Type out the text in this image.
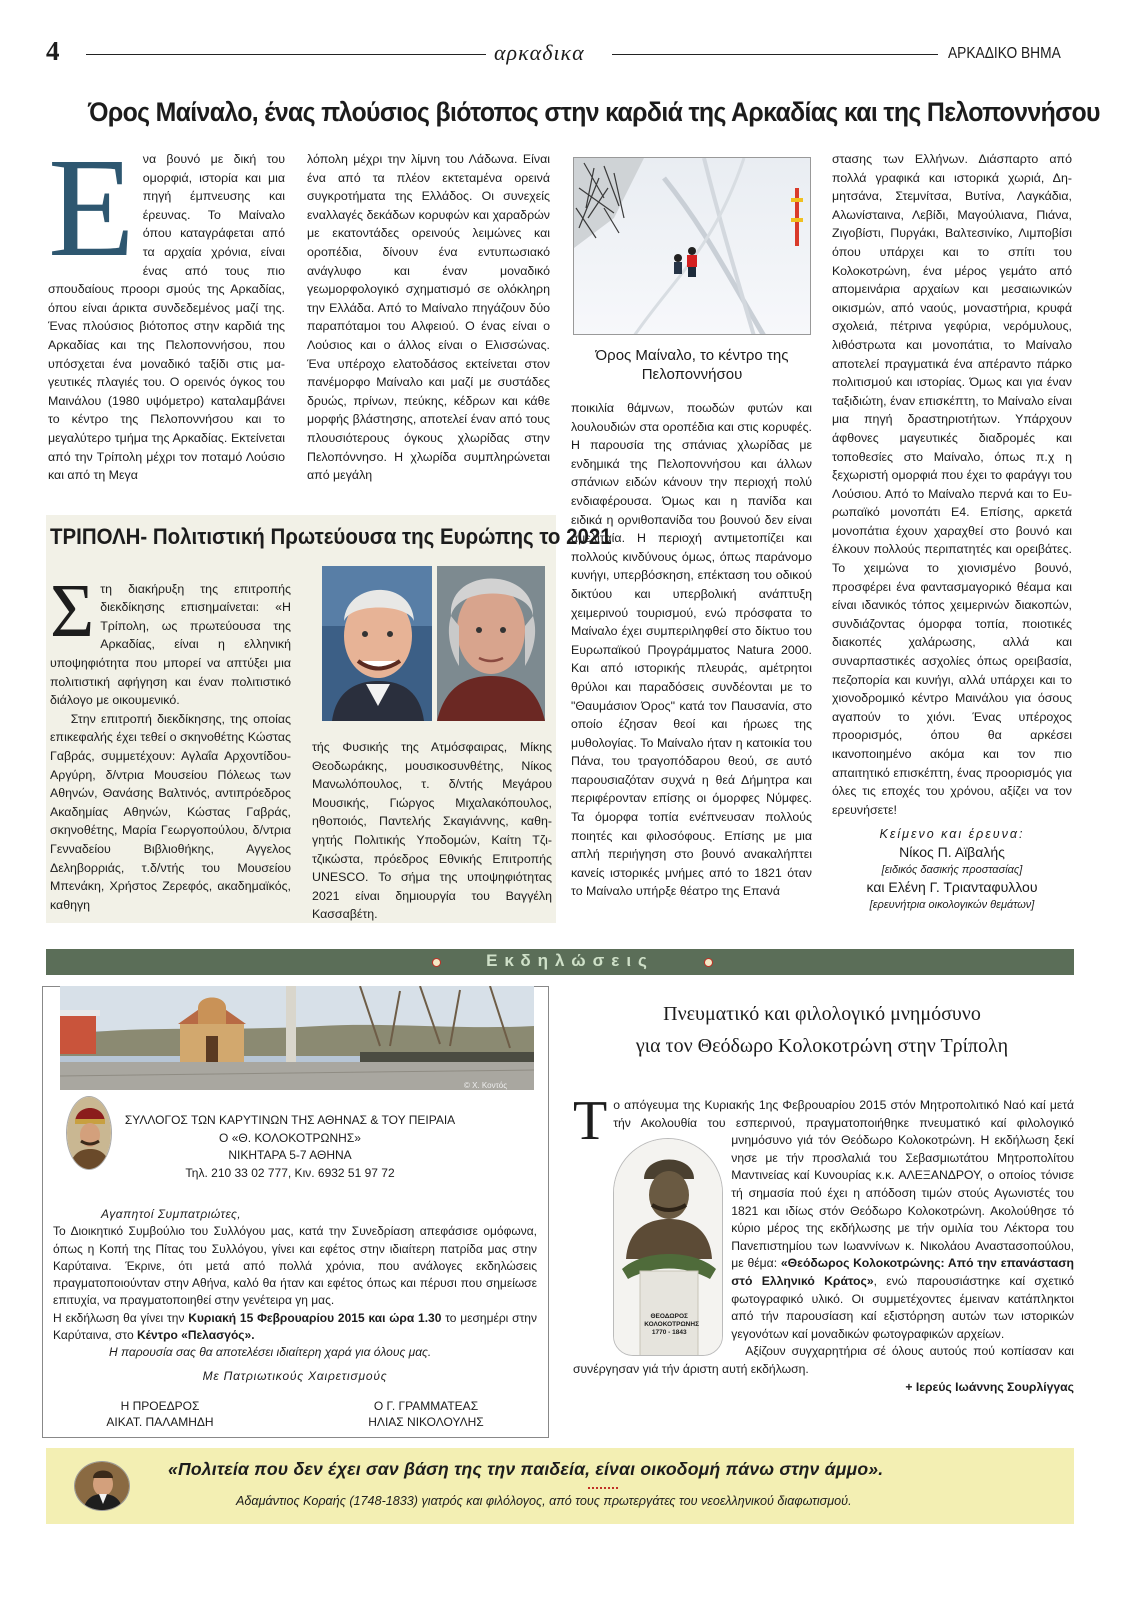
4	αρκαδικα	ΑΡΚΑΔΙΚΟ ΒΗΜΑ
Όρος Μαίναλο, ένας πλούσιος βιότοπος στην καρδιά της Αρκαδίας και της Πελοποννήσου
Ε να βουνό με δική του ομορφιά, ιστορία και μια πηγή έμπνευσης και έρευνας. Το Μαίναλο όπου καταγράφεται από τα αρχαία χρόνια, είναι ένας από τους πιο σπουδαίους προορι σμούς της Αρκαδίας, όπου είναι άρικτα συνδεδεμένος μαζί της. Ένας πλούσιος βιότοπος στην καρδιά της Αρκαδίας και της Πελοποννήσου, που υπόσχεται ένα μοναδικό ταξίδι στις μαγευτικές πλαγιές του. Ο ορεινός όγκος του Μαινάλου (1980 υψόμετρο) καταλαμβάνει το κέντρο της Πελοποννήσου και το μεγαλύτερο τμήμα της Αρκαδίας. Εκτείνεται από την Τρίπολη μέχρι τον ποταμό Λούσιο και από τη Μεγα
λόπολη μέχρι την λίμνη του Λάδωνα. Είναι ένα από τα πλέον εκτεταμένα ορεινά συγκροτήματα της Ελλάδος. Οι συνεχείς εναλλαγές δεκάδων κορυφών και χαραδρών με εκατοντάδες ορεινούς λειμώνες και οροπέδια, δίνουν ένα εντυπωσιακό ανάγλυφο και έναν μοναδικό γεωμορφολογικό σχηματισμό σε ολόκληρη την Ελλάδα. Από το Μαίναλο πηγάζουν δύο παραπόταμοι του Αλφειού. Ο ένας είναι ο Λούσιος και ο άλλος είναι ο Ελισσώνας. Ένα υπέροχο ελατοδάσος εκτείνεται στον πανέμορφο Μαίναλο και μαζί με συστάδες δρυώς, πρίνων, πεύκης, κέδρων και κάθε μορφής βλάστησης, αποτελεί έναν από τους πλουσιότερους όγκους χλωρίδας στην Πελοπόννησο. Η χλωρίδα συμπληρώνεται από μεγάλη
Όρος Μαίναλο, το κέντρο της Πελοποννήσου
ποικιλία θάμνων, ποωδών φυτών και λουλουδιών στα οροπέδια και στις κορυφές. Η παρουσία της σπάνιας χλωρίδας με ενδημικά της Πελοποννήσου και άλλων σπάνιων ειδών κάνουν την περιοχή πολύ ενδιαφέρουσα. Όμως και η πανίδα και ειδικά η ορνιθοπανίδα του βουνού δεν είναι αμελιταία. Η περιοχή αντιμετοπίζει και πολλούς κινδύνους όμως, όπως παράνομο κυνήγι, υπερβόσκηση, επέκταση του οδικού δικτύου και υπερβολική ανάπτυξη χειμερινού τουρισμού, ενώ πρόσφατα το Μαίναλο έχει συμπεριληφθεί στο δίκτυο του Ευρωπαϊκού Προγράμματος Natura 2000. Και από ιστορικής πλευράς, αμέτρητοι θρύλοι και παραδόσεις συνδέονται με το "Θαυμάσιον Όρος" κατά τον Παυσανία, στο οποίο έζησαν θεοί και ήρωες της μυθολογίας. Το Μαίναλο ήταν η κατοικία του Πάνα, του τραγοπόδαρου θεού, σε αυτό παρουσιαζόταν συχνά η θεά Δήμητρα και περιφέρονταν επίσης οι όμορφες Νύμφες. Τα όμορφα τοπία ενέπνευσαν πολλούς ποιητές και φιλοσόφους. Επίσης με μια απλή περιήγηση στο βουνό ανακαλήπτει κανείς ιστορικές μνήμες από το 1821 όταν το Μαίναλο υπήρξε θέατρο της Επανά
στασης των Ελλήνων. Διάσπαρτο από πολλά γραφικά και ιστορικά χωριά, Δημητσάνα, Στεμνίτσα, Βυτίνα, Λαγκάδια, Αλωνίσταινα, Λεβίδι, Μαγούλιανα, Πιάνα, Ζιγοβίστι, Πυργάκι, Βαλτεσινίκο, Λιμποβίσι όπου υπάρχει και το σπίτι του Κολοκοτρώνη, ένα μέρος γεμάτο από απομεινάρια αρχαίων και μεσαιωνικών οικισμών, από ναούς, μοναστήρια, κρυφά σχολειά, πέτρινα γεφύρια, νερόμυλους, λιθόστρωτα και μονοπάτια, το Μαίναλο αποτελεί πραγματικά ένα απέραντο πάρκο πολιτισμού και ιστορίας. Όμως και για έναν ταξιδιώτη, έναν επισκέπτη, το Μαίναλο είναι μια πηγή δραστηριοτήτων. Υπάρχουν άφθονες μαγευτικές διαδρομές και τοποθεσίες στο Μαίναλο, όπως π.χ η ξεχωριστή ομορφιά που έχει το φαράγγι του Λούσιου. Από το Μαίναλο περνά και το Ευρωπαϊκό μονοπάτι Ε4. Επίσης, αρκετά μονοπάτια έχουν χαραχθεί στο βουνό και έλκουν πολλούς περιπατητές και ορειβάτες. Το χειμώνα το χιονισμένο βουνό, προσφέρει ένα φαντασμαγορικό θέαμα και είναι ιδανικός τόπος χειμερινών διακοπών, συνδιάζοντας όμορφα τοπία, ποιοτικές διακοπές χαλάρωσης, αλλά και συναρπαστικές ασχολίες όπως ορειβασία, πεζοπορία και κυνήγι, αλλά υπάρχει και το χιονοδρομικό κέντρο Μαινάλου για όσους αγαπούν το χιόνι. Ένας υπέροχος προορισμός, όπου θα αρκέσει ικανοποιημένο ακόμα και τον πιο απαιτητικό επισκέπτη, ένας προορισμός για όλες τις εποχές του χρόνου, αξίζει να τον ερευνήσετε!
Κείμενο και έρευνα:
Νίκος Π. Αϊβαλής
[ειδικός δασικής προστασίας]
και Ελένη Γ. Τριανταφυλλου
[ερευνήτρια οικολογικών θεμάτων]
ΤΡΙΠΟΛΗ- Πολιτιστική Πρωτεύουσα της Ευρώπης το 2021

Στη διακήρυξη της επιτροπής διεκδίκησης επισημαίνεται: «Η Τρίπολη, ως πρωτεύουσα της Αρκαδίας, είναι η ελληνική υποψηφιότητα που μπορεί να απτύξει μια πολιτιστική αφήγηση και έναν πολιτιστικό διάλογο με οικουμενικό.
Στην επιτροπή διεκδίκησης, της οποίας επικεφαλής έχει τεθεί ο σκηνοθέτης Κώστας Γαβράς, συμμετέχουν: Αγλαΐα Αρχοντίδου-Αργύρη, δ/ντρια Μουσείου Πόλεως των Αθηνών, Θανάσης Βαλτινός, αντιπρόεδρος Ακαδημίας Αθηνών, Κώστας Γαβράς, σκηνοθέτης, Μαρία Γεωργοπούλου, δ/ντρια Γενναδείου Βιβλιοθήκης, Αγγελος Δεληβορριάς, τ.δ/ντής του Μουσείου Μπενάκη, Χρήστος Ζερεφός, ακαδημαϊκός, καθηγη

τής Φυσικής της Ατμόσφαιρας, Μίκης Θεοδωράκης, μουσικοσυνθέτης, Νίκος Μανωλόπουλος, τ. δ/ντής Μεγάρου Μουσικής, Γιώργος Μιχαλακόπουλος, ηθοποιός, Παντελής Σκαγιάννης, καθηγητής Πολιτικής Υποδομών, Καίτη Τζιτζικώστα, πρόεδρος Εθνικής Επιτροπής UNESCO. Το σήμα της υποψηφιότητας 2021 είναι δημιουργία του Βαγγέλη Κασσαβέτη.
Εκδηλώσεις
© Χ. Κοντός
ΣΥΛΛΟΓΟΣ ΤΩΝ ΚΑΡΥΤΙΝΩΝ ΤΗΣ ΑΘΗΝΑΣ & ΤΟΥ ΠΕΙΡΑΙΑ
Ο «Θ. ΚΟΛΟΚΟΤΡΩΝΗΣ»
ΝΙΚΗΤΑΡΑ 5-7 ΑΘΗΝΑ
Τηλ. 210 33 02 777, Κιν. 6932 51 97 72
Αγαπητοί Συμπατριώτες,
Το Διοικητικό Συμβούλιο του Συλλόγου μας, κατά την Συνεδρίαση απεφάσισε ομόφωνα, όπως η Κοπή της Πίτας του Συλλόγου, γίνει και εφέτος στην ιδιαίτερη πατρίδα μας στην Καρύταινα. Έκρινε, ότι μετά από πολλά χρόνια, που ανάλογες εκδηλώσεις πραγματοποιούνταν στην Αθήνα, καλό θα ήταν και εφέτος όπως και πέρυσι που σημείωσε επιτυχία, να πραγματοποιηθεί στην γενέτειρα γη μας.
Η εκδήλωση θα γίνει την Κυριακή 15 Φεβρουαρίου 2015 και ώρα 1.30 το μεσημέρι στην Καρύταινα, στο Κέντρο «Πελασγός».
Η παρουσία σας θα αποτελέσει ιδιαίτερη χαρά για όλους μας.
Με Πατριωτικούς Χαιρετισμούς
Η ΠΡΟΕΔΡΟΣ
ΑΙΚΑΤ. ΠΑΛΑΜΗΔΗ
Ο Γ. ΓΡΑΜΜΑΤΕΑΣ
ΗΛΙΑΣ ΝΙΚΟΛΟΥΛΗΣ
Πνευματικό και φιλολογικό μνημόσυνο
για τον Θεόδωρο Κολοκοτρώνη στην Τρίπολη
Το απόγευμα της Κυριακής 1ης Φεβρουαρίου 2015 στόν Μητροπολιτικό Ναό καί μετά τήν Ακολουθία του εσπερινού, πραγματοποιήθηκε πνευματικό καί φιλολογικό μνημόσυνο γιά τόν Θεόδωρο Κολοκοτρώνη. Η εκδήλωση ξεκί
ΘΕΟΔΩΡΟΣ
ΚΟΛΟΚΟΤΡΩΝΗΣ
1770 - 1843
νησε με τήν προσλαλιά του Σεβασμιωτάτου Μητροπολίτου Μαντινείας καί Κυνουρίας κ.κ. ΑΛΕΞΑΝΔΡΟΥ, ο οποίος τόνισε τή σημασία πού έχει η απόδοση τιμών στούς Αγωνιστές του 1821 και ιδίως στόν Θεόδωρο Κολοκοτρώνη. Ακολούθησε τό κύριο μέρος της εκδήλωσης με τήν ομιλία του Λέκτορα του Πανεπιστημίου των Ιωαννίνων κ. Νικολάου Αναστασοπούλου, με θέμα: «Θεόδωρος Κολοκοτρώνης: Από την επανάσταση στό Ελληνικό Κράτος», ενώ παρουσιάστηκε καί σχετικό φωτογραφικό υλικό. Οι συμμετέχοντες έμειναν κατάπληκτοι από τήν παρουσίαση καί εξιστόρηση αυτών των ιστορικών γεγονότων καί μοναδικών φωτογραφικών αρχείων.
Αξίζουν συγχαρητήρια σέ όλους αυτούς πού κοπίασαν και συνέργησαν γιά τήν άριστη αυτή εκδήλωση.
+ Ιερεύς Ιωάννης Σουρλίγγας
«Πολιτεία που δεν έχει σαν βάση της την παιδεία, είναι οικοδομή πάνω στην άμμο».
Αδαμάντιος Κοραής (1748-1833) γιατρός και φιλόλογος, από τους πρωτεργάτες του νεοελληνικού διαφωτισμού.
